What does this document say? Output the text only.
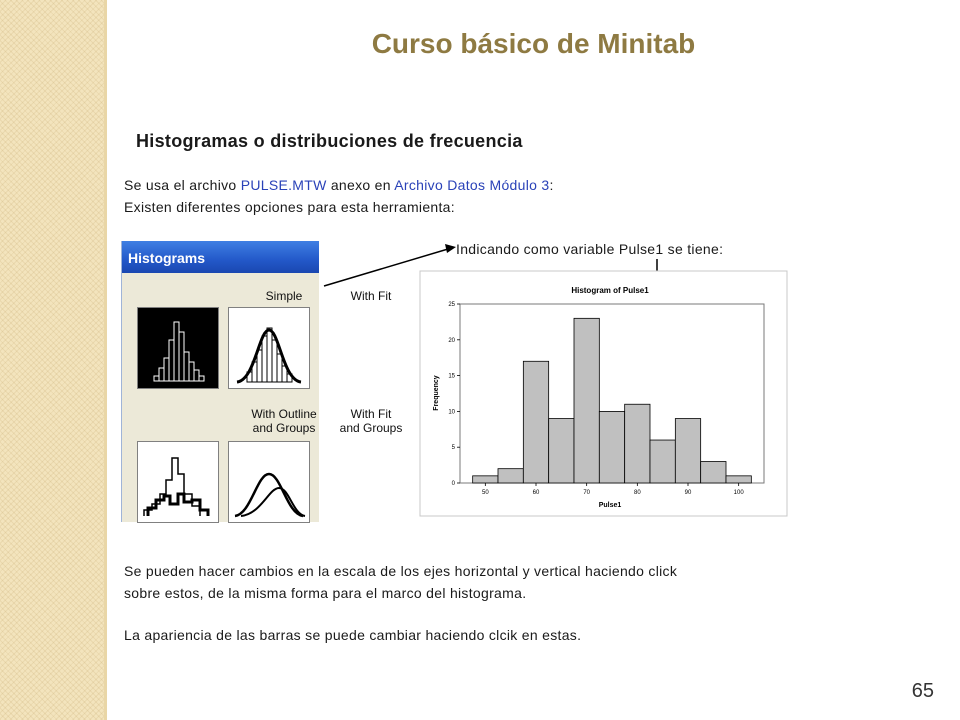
Curso básico de Minitab
Histogramas o distribuciones de frecuencia

Se usa el archivo PULSE.MTW anexo en Archivo Datos Módulo 3:

Existen diferentes opciones para esta herramienta:

Histograms
Simple	With Fit
With Outline
and Groups
With Fit
and Groups

Indicando como variable Pulse1 se tiene:

Histogram of Pulse1
Pulse1
Frequency
50	60	70	80	90	100
0
5
10
15
20
25

Se pueden hacer cambios en la escala de los ejes horizontal y vertical haciendo click

sobre estos, de la misma forma para el marco del histograma.

La apariencia de las barras se puede cambiar haciendo clcik en estas.

65
